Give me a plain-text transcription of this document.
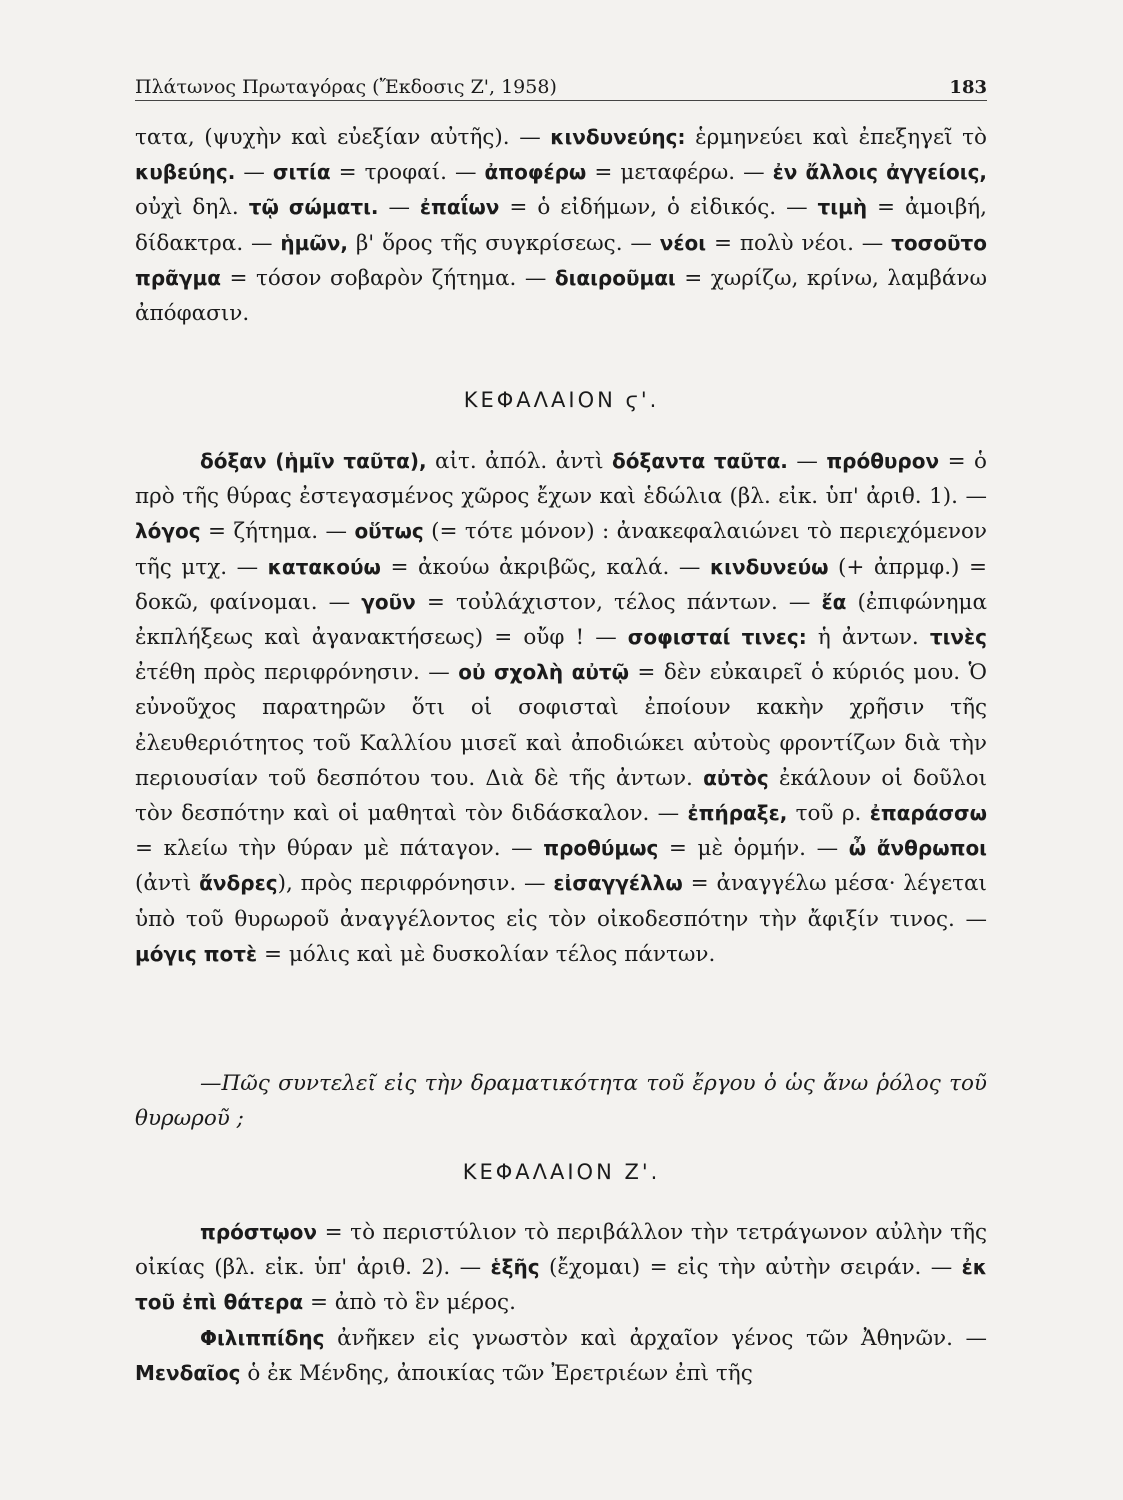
Πλάτωνος Πρωταγόρας (Ἔκδοσις Ζ', 1958)	183

τατα, (ψυχὴν καὶ εὐεξίαν αὐτῆς). — κινδυνεύης: ἑρμηνεύει καὶ ἐπεξηγεῖ τὸ κυβεύης. — σιτία = τροφαί. — ἀποφέρω = μεταφέρω. — ἐν ἄλλοις ἀγγείοις, οὐχὶ δηλ. τῷ σώματι. — ἐπαΐων = ὁ εἰδήμων, ὁ εἰδικός. — τιμὴ = ἀμοιβή, δίδακτρα. — ἡμῶν, β' ὅρος τῆς συγκρίσεως. — νέοι = πολὺ νέοι. — τοσοῦτο πρᾶγμα = τόσον σοβαρὸν ζήτημα. — διαιροῦμαι = χωρίζω, κρίνω, λαμβάνω ἀπόφασιν.

ΚΕΦΑΛΑΙΟΝ ϛ'.

δόξαν (ἡμῖν ταῦτα), αἰτ. ἀπόλ. ἀντὶ δόξαντα ταῦτα. — πρόθυρον = ὁ πρὸ τῆς θύρας ἐστεγασμένος χῶρος ἔχων καὶ ἑδώλια (βλ. εἰκ. ὑπ' ἀριθ. 1). — λόγος = ζήτημα. — οὕτως (= τότε μόνον) : ἀνακεφαλαιώνει τὸ περιεχόμενον τῆς μτχ. — κατακούω = ἀκούω ἀκριβῶς, καλά. — κινδυνεύω (+ ἀπρμφ.) = δοκῶ, φαίνομαι. — γοῦν = τοὐλάχιστον, τέλος πάντων. — ἔα (ἐπιφώνημα ἐκπλήξεως καὶ ἀγανακτήσεως) = οὔφ ! — σοφισταί τινες: ἡ ἀντων. τινὲς ἐτέθη πρὸς περιφρόνησιν. — οὐ σχολὴ αὐτῷ = δὲν εὐκαιρεῖ ὁ κύριός μου. Ὁ εὐνοῦχος παρατηρῶν ὅτι οἱ σοφισταὶ ἐποίουν κακὴν χρῆσιν τῆς ἐλευθεριότητος τοῦ Καλλίου μισεῖ καὶ ἀποδιώκει αὐτοὺς φροντίζων διὰ τὴν περιουσίαν τοῦ δεσπότου του. Διὰ δὲ τῆς ἀντων. αὐτὸς ἐκάλουν οἱ δοῦλοι τὸν δεσπότην καὶ οἱ μαθηταὶ τὸν διδάσκαλον. — ἐπήραξε, τοῦ ρ. ἐπαράσσω = κλείω τὴν θύραν μὲ πάταγον. — προθύμως = μὲ ὁρμήν. — ὦ ἄνθρωποι (ἀντὶ ἄνδρες), πρὸς περιφρόνησιν. — εἰσαγγέλλω = ἀναγγέλω μέσα· λέγεται ὑπὸ τοῦ θυρωροῦ ἀναγγέλοντος εἰς τὸν οἰκοδεσπότην τὴν ἄφιξίν τινος. — μόγις ποτὲ = μόλις καὶ μὲ δυσκολίαν τέλος πάντων.

—Πῶς συντελεῖ εἰς τὴν δραματικότητα τοῦ ἔργου ὁ ὡς ἄνω ῥόλος τοῦ θυρωροῦ ;

ΚΕΦΑΛΑΙΟΝ Ζ'.

πρόστῳον = τὸ περιστύλιον τὸ περιβάλλον τὴν τετράγωνον αὐλὴν τῆς οἰκίας (βλ. εἰκ. ὑπ' ἀριθ. 2). — ἑξῆς (ἔχομαι) = εἰς τὴν αὐτὴν σειράν. — ἐκ τοῦ ἐπὶ θάτερα = ἀπὸ τὸ ἓν μέρος.

Φιλιππίδης ἀνῆκεν εἰς γνωστὸν καὶ ἀρχαῖον γένος τῶν Ἀθηνῶν. — Μενδαῖος ὁ ἐκ Μένδης, ἀποικίας τῶν Ἐρετριέων ἐπὶ τῆς
